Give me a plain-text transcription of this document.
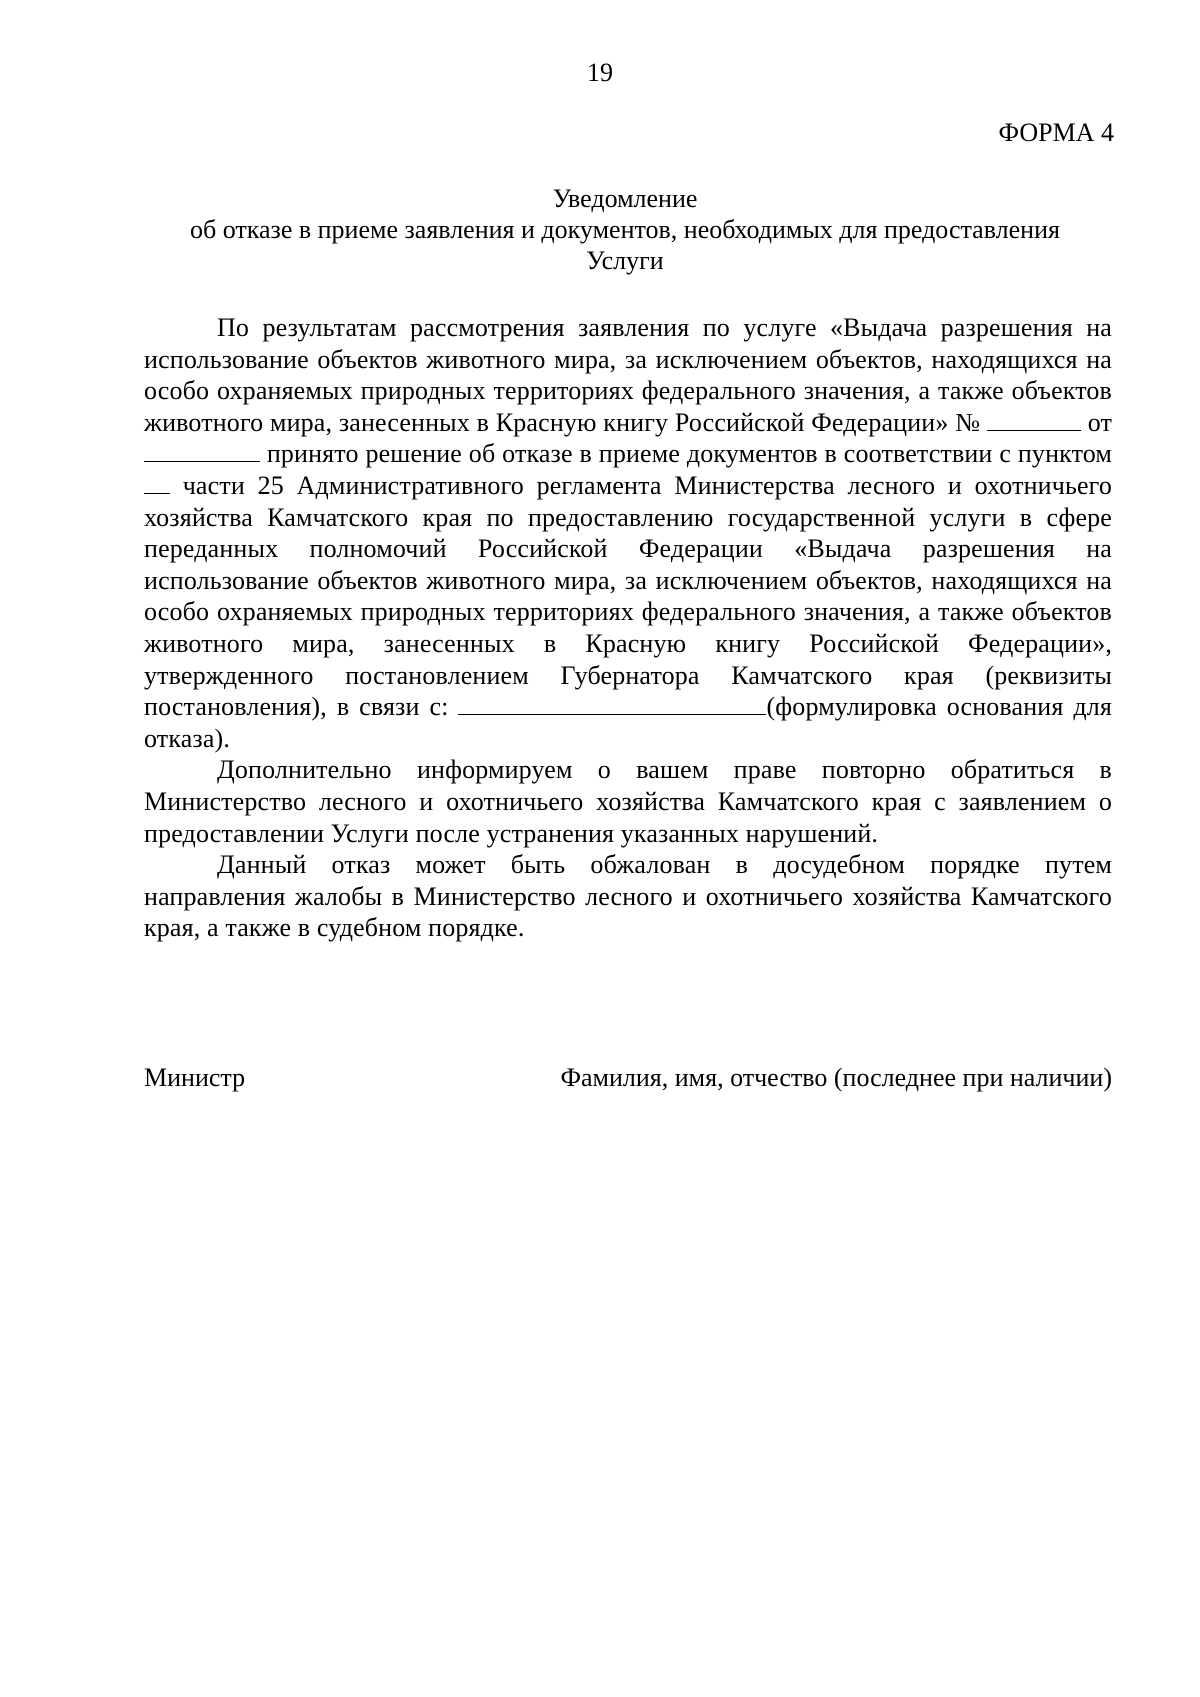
19
ФОРМА 4
Уведомление
об отказе в приеме заявления и документов, необходимых для предоставления
Услуги

По результатам рассмотрения заявления по услуге «Выдача разрешения на использование объектов животного мира, за исключением объектов, находящихся на особо охраняемых природных территориях федерального значения, а также объектов животного мира, занесенных в Красную книгу Российской Федерации» №	от  принято решение об отказе в приеме документов в соответствии с пунктом  части 25 Административного регламента Министерства лесного и охотничьего хозяйства Камчатского края по предоставлению государственной услуги в сфере переданных полномочий Российской Федерации «Выдача разрешения на использование объектов животного мира, за исключением объектов, находящихся на особо охраняемых природных территориях федерального значения, а также объектов животного мира, занесенных в Красную книгу Российской Федерации», утвержденного постановлением Губернатора Камчатского края (реквизиты постановления), в связи с:	(формулировка основания для отказа).

Дополнительно информируем о вашем праве повторно обратиться в Министерство лесного и охотничьего хозяйства Камчатского края с заявлением о предоставлении Услуги после устранения указанных нарушений.

Данный отказ может быть обжалован в досудебном порядке путем направления жалобы в Министерство лесного и охотничьего хозяйства Камчатского края, а также в судебном порядке.

Министр	Фамилия, имя, отчество (последнее при наличии)
